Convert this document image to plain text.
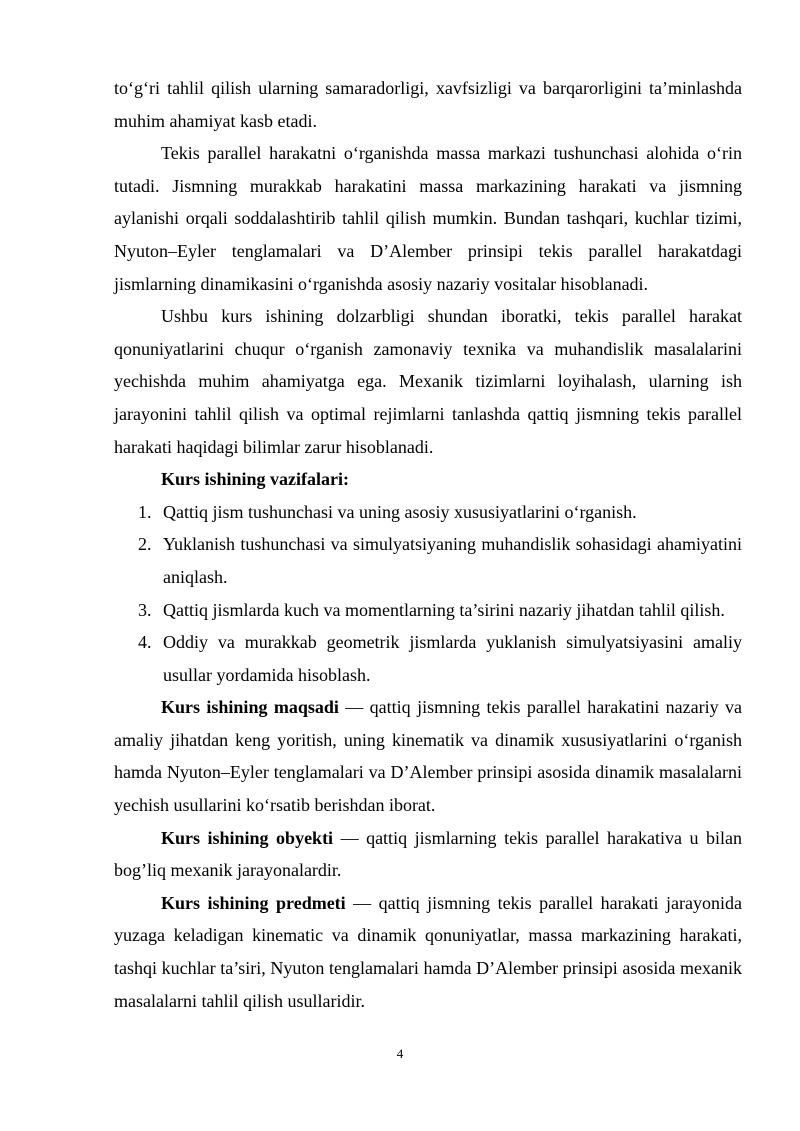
to‘g‘ri tahlil qilish ularning samaradorligi, xavfsizligi va barqarorligini ta’minlashda muhim ahamiyat kasb etadi.

Tekis parallel harakatni o‘rganishda massa markazi tushunchasi alohida o‘rin tutadi. Jismning murakkab harakatini massa markazining harakati va jismning aylanishi orqali soddalashtirib tahlil qilish mumkin. Bundan tashqari, kuchlar tizimi, Nyuton–Eyler tenglamalari va D’Alember prinsipi tekis parallel harakatdagi jismlarning dinamikasini o‘rganishda asosiy nazariy vositalar hisoblanadi.

Ushbu kurs ishining dolzarbligi shundan iboratki, tekis parallel harakat qonuniyatlarini chuqur o‘rganish zamonaviy texnika va muhandislik masalalarini yechishda muhim ahamiyatga ega. Mexanik tizimlarni loyihalash, ularning ish jarayonini tahlil qilish va optimal rejimlarni tanlashda qattiq jismning tekis parallel harakati haqidagi bilimlar zarur hisoblanadi.

Kurs ishining vazifalari:

1. Qattiq jism tushunchasi va uning asosiy xususiyatlarini o‘rganish.
2. Yuklanish tushunchasi va simulyatsiyaning muhandislik sohasidagi ahamiyatini aniqlash.
3. Qattiq jismlarda kuch va momentlarning ta’sirini nazariy jihatdan tahlil qilish.
4. Oddiy va murakkab geometrik jismlarda yuklanish simulyatsiyasini amaliy usullar yordamida hisoblash.

Kurs ishining maqsadi — qattiq jismning tekis parallel harakatini nazariy va amaliy jihatdan keng yoritish, uning kinematik va dinamik xususiyatlarini o‘rganish hamda Nyuton–Eyler tenglamalari va D’Alember prinsipi asosida dinamik masalalarni yechish usullarini ko‘rsatib berishdan iborat.

Kurs ishining obyekti — qattiq jismlarning tekis parallel harakativa u bilan bog’liq mexanik jarayonalardir.

Kurs ishining predmeti — qattiq jismning tekis parallel harakati jarayonida yuzaga keladigan kinematic va dinamik qonuniyatlar, massa markazining harakati, tashqi kuchlar ta’siri, Nyuton tenglamalari hamda D’Alember prinsipi asosida mexanik masalalarni tahlil qilish usullaridir.

4
